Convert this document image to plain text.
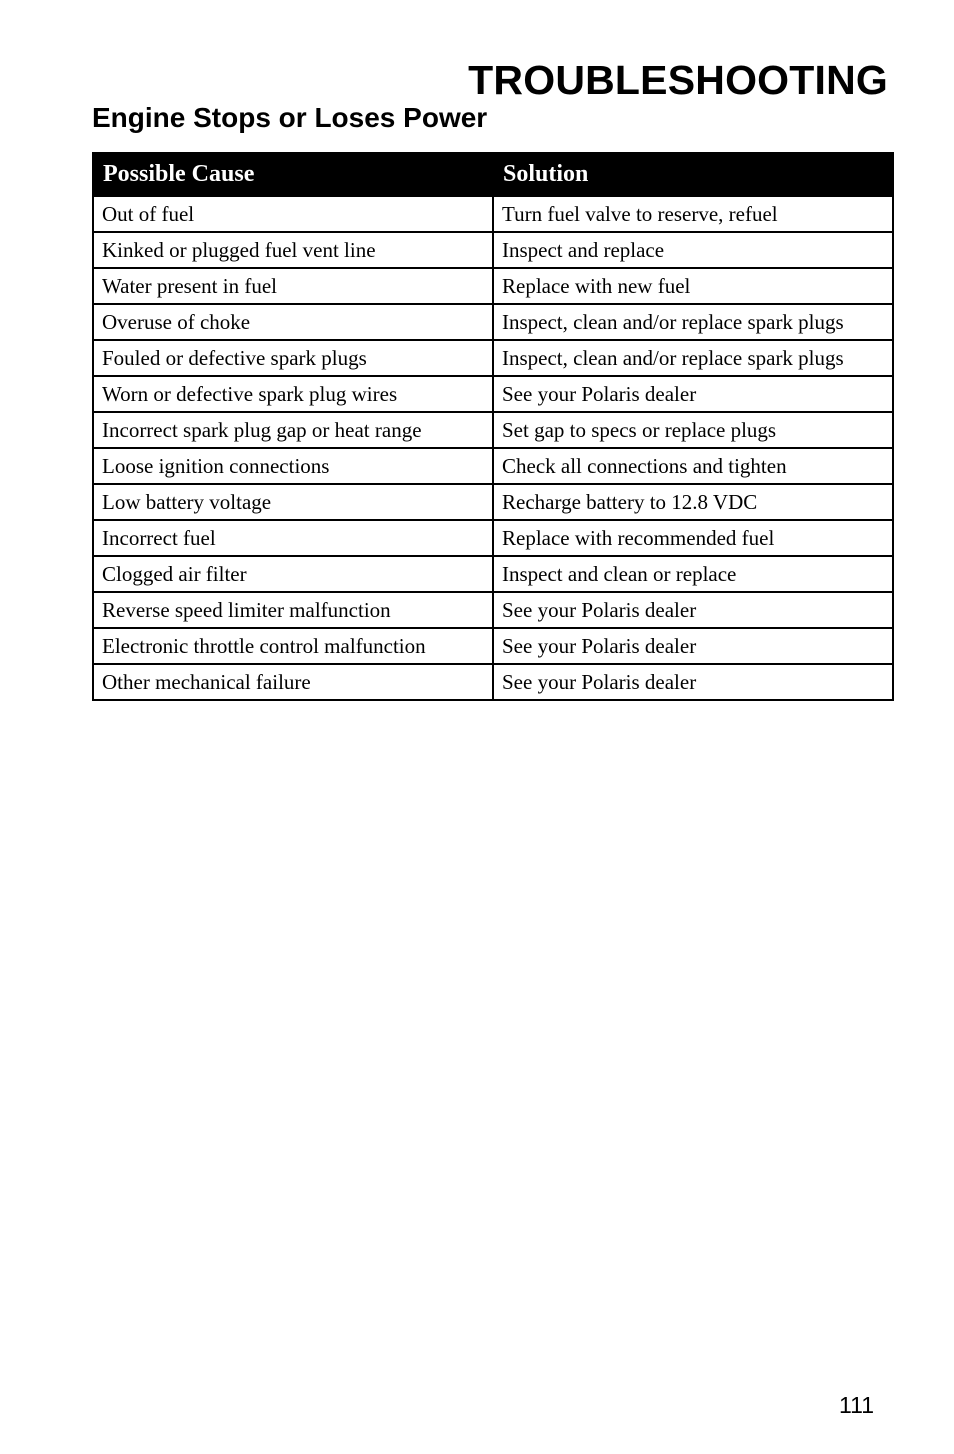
TROUBLESHOOTING
Engine Stops or Loses Power
Possible Cause	Solution
Out of fuel	Turn fuel valve to reserve, refuel
Kinked or plugged fuel vent line	Inspect and replace
Water present in fuel	Replace with new fuel
Overuse of choke	Inspect, clean and/or replace spark plugs
Fouled or defective spark plugs	Inspect, clean and/or replace spark plugs
Worn or defective spark plug wires	See your Polaris dealer
Incorrect spark plug gap or heat range	Set gap to specs or replace plugs
Loose ignition connections	Check all connections and tighten
Low battery voltage	Recharge battery to 12.8 VDC
Incorrect fuel	Replace with recommended fuel
Clogged air filter	Inspect and clean or replace
Reverse speed limiter malfunction	See your Polaris dealer
Electronic throttle control malfunction	See your Polaris dealer
Other mechanical failure	See your Polaris dealer
111
